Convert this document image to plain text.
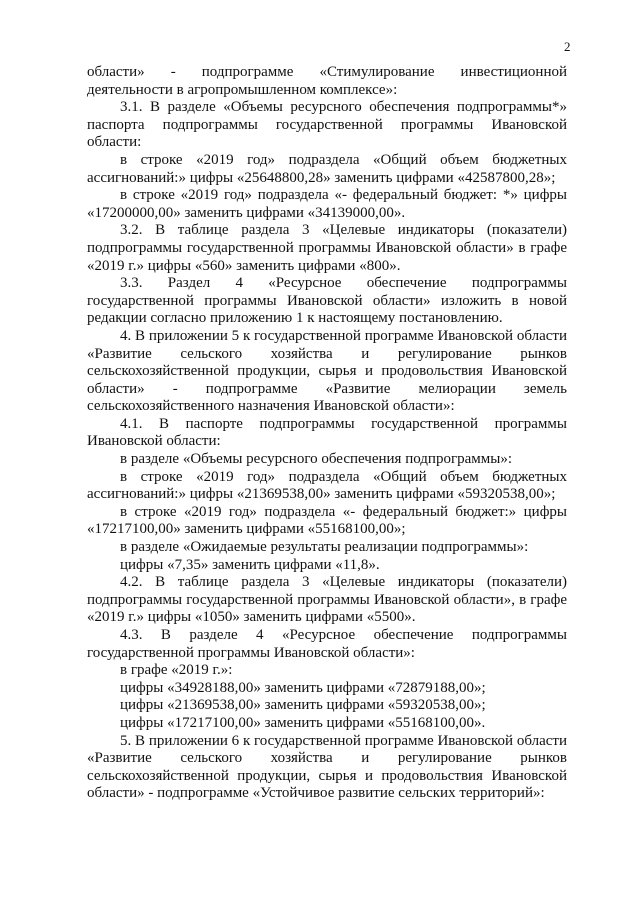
2

области» - подпрограмме «Стимулирование инвестиционной деятельности в агропромышленном комплексе»:

3.1. В разделе «Объемы ресурсного обеспечения подпрограммы*» паспорта подпрограммы государственной программы Ивановской области:

в строке «2019 год» подраздела «Общий объем бюджетных ассигнований:» цифры «25648800,28» заменить цифрами «42587800,28»;

в строке «2019 год» подраздела «- федеральный бюджет: *» цифры «17200000,00» заменить цифрами «34139000,00».

3.2. В таблице раздела 3 «Целевые индикаторы (показатели) подпрограммы государственной программы Ивановской области» в графе «2019 г.» цифры «560» заменить цифрами «800».

3.3. Раздел 4 «Ресурсное обеспечение подпрограммы государственной программы Ивановской области» изложить в новой редакции согласно приложению 1 к настоящему постановлению.

4. В приложении 5 к государственной программе Ивановской области «Развитие сельского хозяйства и регулирование рынков сельскохозяйственной продукции, сырья и продовольствия Ивановской области» - подпрограмме «Развитие мелиорации земель сельскохозяйственного назначения Ивановской области»:

4.1. В паспорте подпрограммы государственной программы Ивановской области:

в разделе «Объемы ресурсного обеспечения подпрограммы»:

в строке «2019 год» подраздела «Общий объем бюджетных ассигнований:» цифры «21369538,00» заменить цифрами «59320538,00»;

в строке «2019 год» подраздела «- федеральный бюджет:» цифры «17217100,00» заменить цифрами «55168100,00»;

в разделе «Ожидаемые результаты реализации подпрограммы»:

цифры «7,35» заменить цифрами «11,8».

4.2. В таблице раздела 3 «Целевые индикаторы (показатели) подпрограммы государственной программы Ивановской области», в графе «2019 г.» цифры «1050» заменить цифрами «5500».

4.3. В разделе 4 «Ресурсное обеспечение подпрограммы государственной программы Ивановской области»:

в графе «2019 г.»:

цифры «34928188,00» заменить цифрами «72879188,00»;

цифры «21369538,00» заменить цифрами «59320538,00»;

цифры «17217100,00» заменить цифрами «55168100,00».

5. В приложении 6 к государственной программе Ивановской области «Развитие сельского хозяйства и регулирование рынков сельскохозяйственной продукции, сырья и продовольствия Ивановской области» - подпрограмме «Устойчивое развитие сельских территорий»:
